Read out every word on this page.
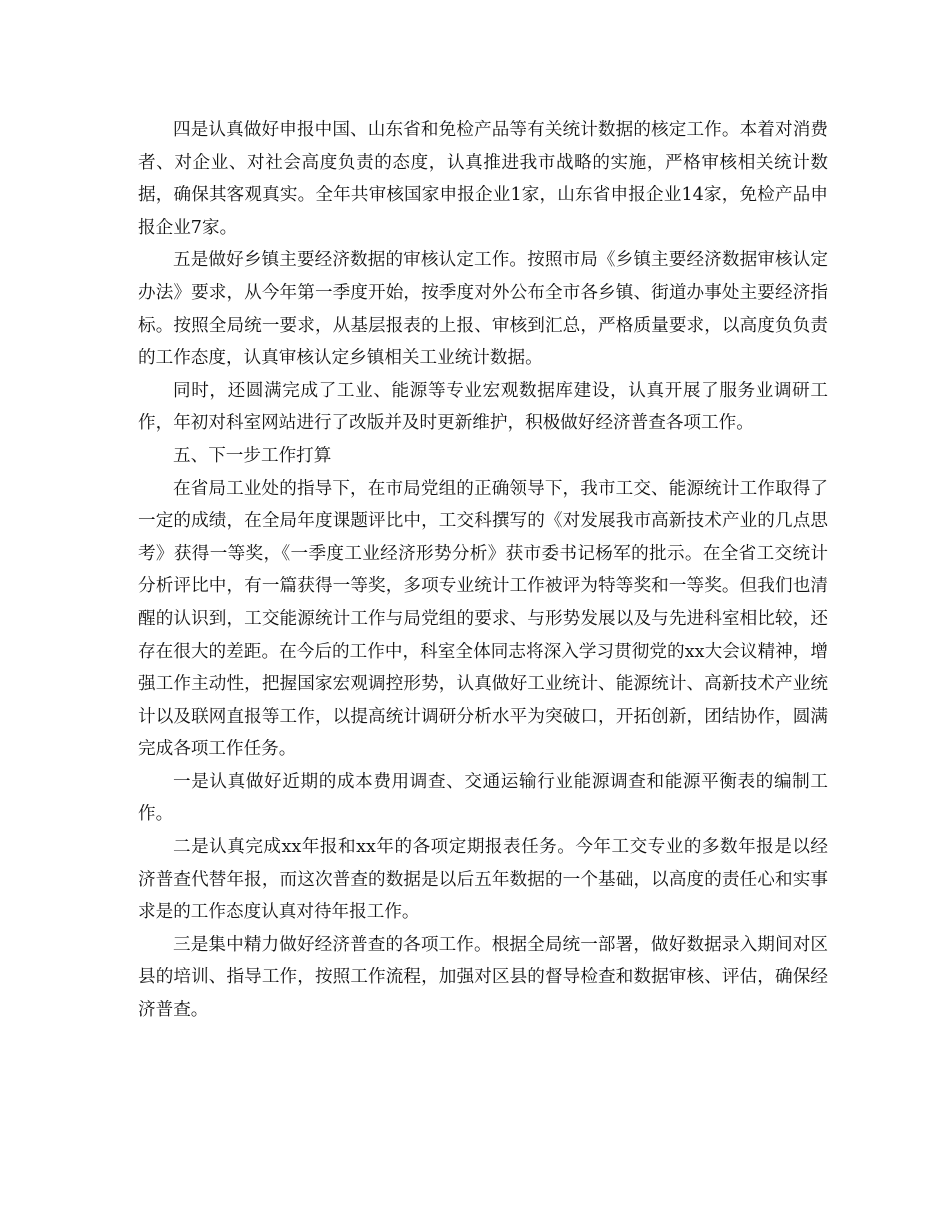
四是认真做好申报中国、山东省和免检产品等有关统计数据的核定工作。本着对消费者、对企业、对社会高度负责的态度，认真推进我市战略的实施，严格审核相关统计数据，确保其客观真实。全年共审核国家申报企业1家，山东省申报企业14家，免检产品申报企业7家。

五是做好乡镇主要经济数据的审核认定工作。按照市局《乡镇主要经济数据审核认定办法》要求，从今年第一季度开始，按季度对外公布全市各乡镇、街道办事处主要经济指标。按照全局统一要求，从基层报表的上报、审核到汇总，严格质量要求，以高度负负责的工作态度，认真审核认定乡镇相关工业统计数据。

同时，还圆满完成了工业、能源等专业宏观数据库建设，认真开展了服务业调研工作，年初对科室网站进行了改版并及时更新维护，积极做好经济普查各项工作。

五、下一步工作打算

在省局工业处的指导下，在市局党组的正确领导下，我市工交、能源统计工作取得了一定的成绩，在全局年度课题评比中，工交科撰写的《对发展我市高新技术产业的几点思考》获得一等奖，《一季度工业经济形势分析》获市委书记杨军的批示。在全省工交统计分析评比中，有一篇获得一等奖，多项专业统计工作被评为特等奖和一等奖。但我们也清醒的认识到，工交能源统计工作与局党组的要求、与形势发展以及与先进科室相比较，还存在很大的差距。在今后的工作中，科室全体同志将深入学习贯彻党的xx大会议精神，增强工作主动性，把握国家宏观调控形势，认真做好工业统计、能源统计、高新技术产业统计以及联网直报等工作，以提高统计调研分析水平为突破口，开拓创新，团结协作，圆满完成各项工作任务。

一是认真做好近期的成本费用调查、交通运输行业能源调查和能源平衡表的编制工作。

二是认真完成xx年报和xx年的各项定期报表任务。今年工交专业的多数年报是以经济普查代替年报，而这次普查的数据是以后五年数据的一个基础，以高度的责任心和实事求是的工作态度认真对待年报工作。

三是集中精力做好经济普查的各项工作。根据全局统一部署，做好数据录入期间对区县的培训、指导工作，按照工作流程，加强对区县的督导检查和数据审核、评估，确保经济普查。
